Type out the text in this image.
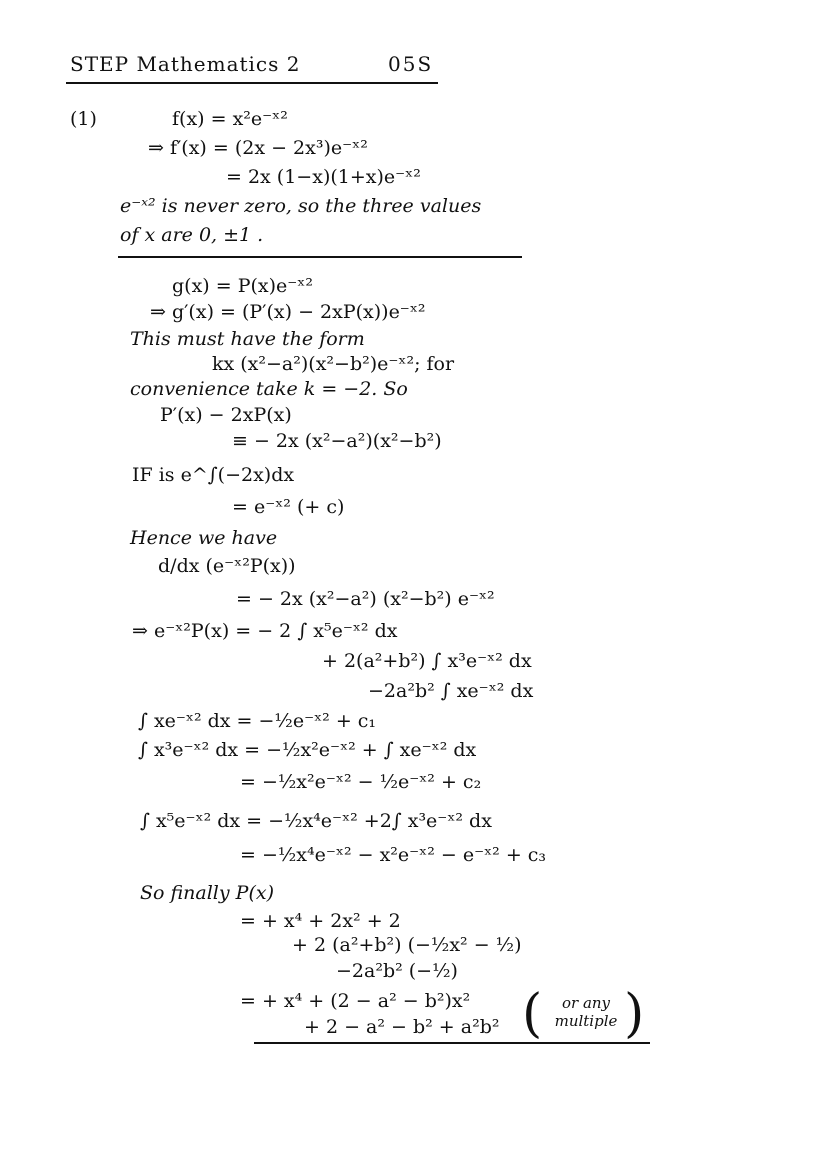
STEP Mathematics 2	05S
(1)	f(x) = x²e⁻ˣ²
⇒ f′(x) = (2x − 2x³)e⁻ˣ²
= 2x (1−x)(1+x)e⁻ˣ²
e⁻ˣ² is never zero, so the three values
of x are 0, ±1 .
g(x) = P(x)e⁻ˣ²
⇒ g′(x) = (P′(x) − 2xP(x))e⁻ˣ²
This must have the form
kx (x²−a²)(x²−b²)e⁻ˣ²; for
convenience take k = −2. So
P′(x) − 2xP(x)
≡ − 2x (x²−a²)(x²−b²)
IF is e^∫(−2x)dx
= e⁻ˣ² (+ c)
Hence we have
d/dx (e⁻ˣ²P(x))
= − 2x (x²−a²) (x²−b²) e⁻ˣ²
⇒ e⁻ˣ²P(x) = − 2 ∫ x⁵e⁻ˣ² dx
+ 2(a²+b²) ∫ x³e⁻ˣ² dx
−2a²b² ∫ xe⁻ˣ² dx
∫ xe⁻ˣ² dx = −½e⁻ˣ² + c₁
∫ x³e⁻ˣ² dx = −½x²e⁻ˣ² + ∫ xe⁻ˣ² dx
= −½x²e⁻ˣ² − ½e⁻ˣ² + c₂
∫ x⁵e⁻ˣ² dx = −½x⁴e⁻ˣ² +2∫ x³e⁻ˣ² dx
= −½x⁴e⁻ˣ² − x²e⁻ˣ² − e⁻ˣ² + c₃
So finally P(x)
= + x⁴ + 2x² + 2
+ 2 (a²+b²) (−½x² − ½)
−2a²b² (−½)
= + x⁴ + (2 − a² − b²)x²
+ 2 − a² − b² + a²b² (	or any
multiple )
